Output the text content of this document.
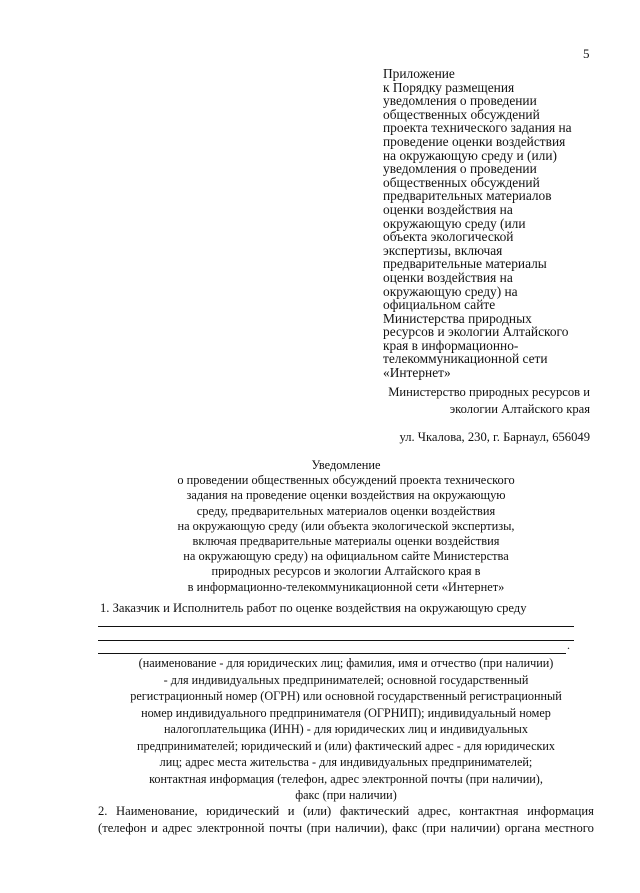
5
Приложение
к Порядку размещения
уведомления о проведении
общественных обсуждений
проекта технического задания на
проведение оценки воздействия
на окружающую среду и (или)
уведомления о проведении
общественных обсуждений
предварительных материалов
оценки воздействия на
окружающую среду (или
объекта экологической
экспертизы, включая
предварительные материалы
оценки воздействия на
окружающую среду) на
официальном сайте
Министерства природных
ресурсов и экологии Алтайского
края в информационно-
телекоммуникационной сети
«Интернет»
Министерство природных ресурсов и
экологии Алтайского края
ул. Чкалова, 230, г. Барнаул, 656049
Уведомление
о проведении общественных обсуждений проекта технического
задания на проведение оценки воздействия на окружающую
среду, предварительных материалов оценки воздействия
на окружающую среду (или объекта экологической экспертизы,
включая предварительные материалы оценки воздействия
на окружающую среду) на официальном сайте Министерства
природных ресурсов и экологии Алтайского края в
в информационно-телекоммуникационной сети «Интернет»
1. Заказчик и Исполнитель работ по оценке воздействия на окружающую среду
.
(наименование - для юридических лиц; фамилия, имя и отчество (при наличии)
- для индивидуальных предпринимателей; основной государственный
регистрационный номер (ОГРН) или основной государственный регистрационный
номер индивидуального предпринимателя (ОГРНИП); индивидуальный номер
налогоплательщика (ИНН) - для юридических лиц и индивидуальных
предпринимателей; юридический и (или) фактический адрес - для юридических
лиц; адрес места жительства - для индивидуальных предпринимателей;
контактная информация (телефон, адрес электронной почты (при наличии),
факс (при наличии)
2. Наименование, юридический и (или) фактический адрес, контактная информация
(телефон и адрес электронной почты (при наличии), факс (при наличии) органа местного
